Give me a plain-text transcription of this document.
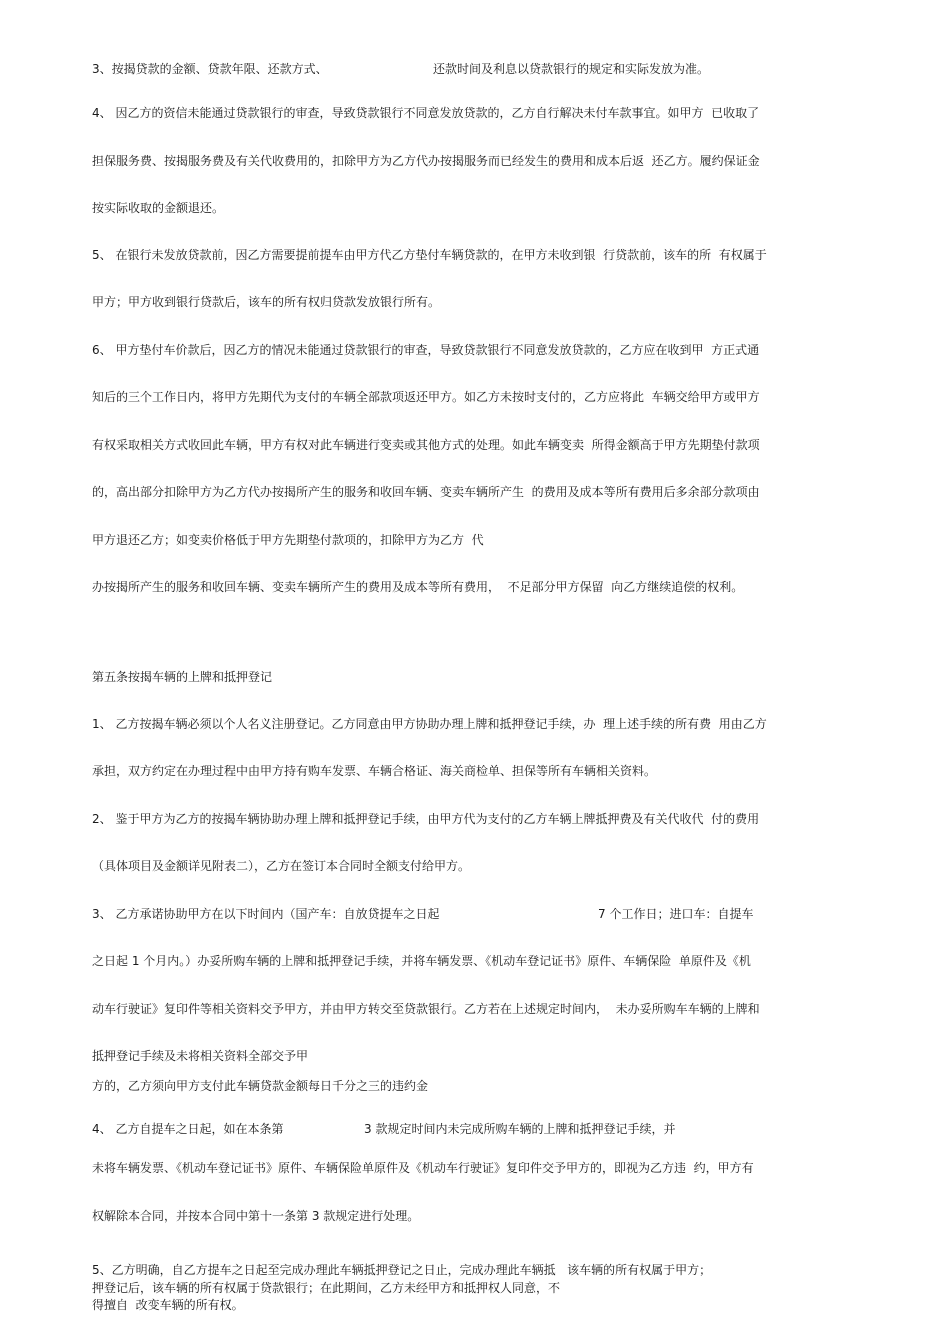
3、按揭贷款的金额、贷款年限、还款方式、	还款时间及利息以贷款银行的规定和实际发放为准。
4、 因乙方的资信未能通过贷款银行的审查，导致贷款银行不同意发放贷款的，乙方自行解决未付车款事宜。如甲方  已收取了
担保服务费、按揭服务费及有关代收费用的，扣除甲方为乙方代办按揭服务而已经发生的费用和成本后返  还乙方。履约保证金
按实际收取的金额退还。
5、 在银行未发放贷款前，因乙方需要提前提车由甲方代乙方垫付车辆贷款的，在甲方未收到银  行贷款前，该车的所  有权属于
甲方；甲方收到银行贷款后，该车的所有权归贷款发放银行所有。
6、 甲方垫付车价款后，因乙方的情况未能通过贷款银行的审查，导致贷款银行不同意发放贷款的，乙方应在收到甲  方正式通
知后的三个工作日内，将甲方先期代为支付的车辆全部款项返还甲方。如乙方未按时支付的，乙方应将此  车辆交给甲方或甲方
有权采取相关方式收回此车辆，甲方有权对此车辆进行变卖或其他方式的处理。如此车辆变卖  所得金额高于甲方先期垫付款项
的，高出部分扣除甲方为乙方代办按揭所产生的服务和收回车辆、变卖车辆所产生  的费用及成本等所有费用后多余部分款项由
甲方退还乙方；如变卖价格低于甲方先期垫付款项的，扣除甲方为乙方  代
办按揭所产生的服务和收回车辆、变卖车辆所产生的费用及成本等所有费用，  不足部分甲方保留  向乙方继续追偿的权利。
第五条按揭车辆的上牌和抵押登记
1、 乙方按揭车辆必须以个人名义注册登记。乙方同意由甲方协助办理上牌和抵押登记手续，办  理上述手续的所有费  用由乙方
承担，双方约定在办理过程中由甲方持有购车发票、车辆合格证、海关商检单、担保等所有车辆相关资料。
2、 鉴于甲方为乙方的按揭车辆协助办理上牌和抵押登记手续，由甲方代为支付的乙方车辆上牌抵押费及有关代收代  付的费用
（具体项目及金额详见附表二），乙方在签订本合同时全额支付给甲方。
3、 乙方承诺协助甲方在以下时间内（国产车：自放贷提车之日起	7 个工作日；进口车：自提车
之日起 1 个月内。）办妥所购车辆的上牌和抵押登记手续，并将车辆发票、《机动车登记证书》原件、车辆保险  单原件及《机
动车行驶证》复印件等相关资料交予甲方，并由甲方转交至贷款银行。乙方若在上述规定时间内，  未办妥所购车车辆的上牌和
抵押登记手续及未将相关资料全部交予甲
方的，乙方须向甲方支付此车辆贷款金额每日千分之三的违约金
4、 乙方自提车之日起，如在本条第	3 款规定时间内未完成所购车辆的上牌和抵押登记手续，并
未将车辆发票、《机动车登记证书》原件、车辆保险单原件及《机动车行驶证》复印件交予甲方的，即视为乙方违  约，甲方有
权解除本合同，并按本合同中第十一条第 3 款规定进行处理。
5、乙方明确，自乙方提车之日起至完成办理此车辆抵押登记之日止，完成办理此车辆抵   该车辆的所有权属于甲方；
押登记后，该车辆的所有权属于贷款银行；在此期间，乙方未经甲方和抵押权人同意，不
得擅自  改变车辆的所有权。
